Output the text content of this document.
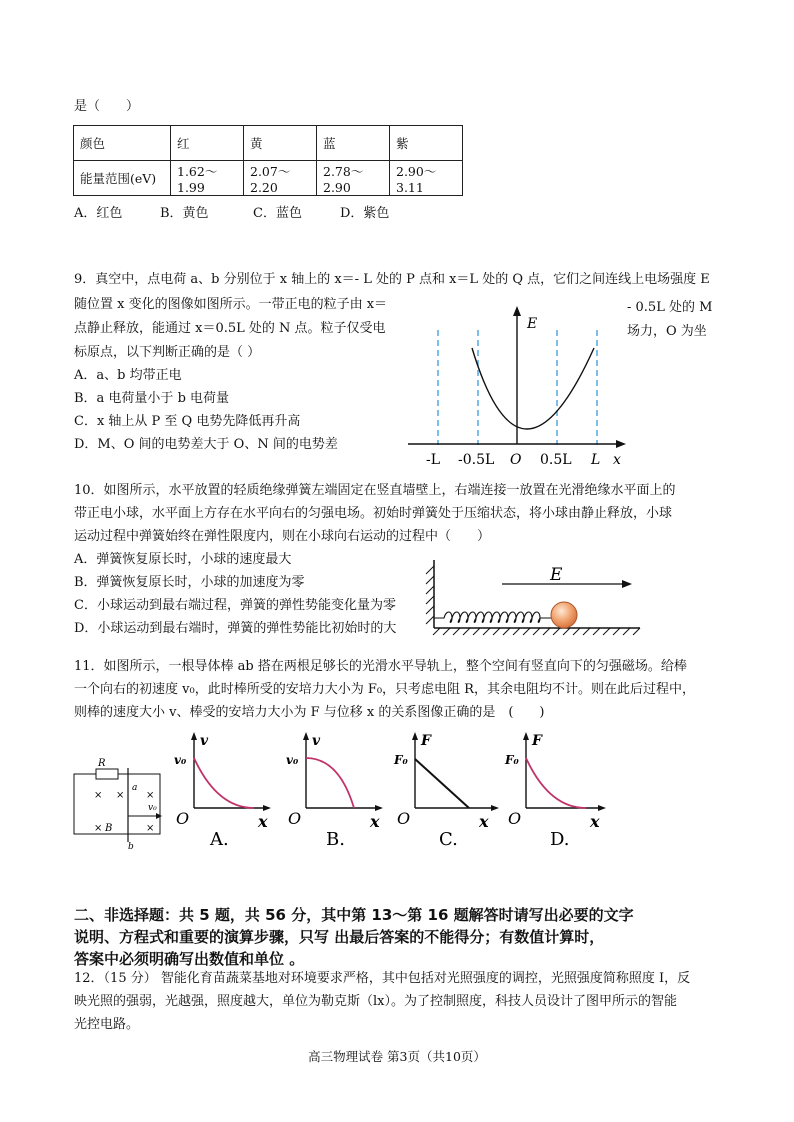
是（　　）
颜色	红	黄	蓝	紫
能量范围(eV)	1.62～1.99	2.07～2.20	2.78～2.90	2.90～3.11
A．红色	B．黄色	C．蓝色	D．紫色
9．真空中，点电荷 a、b 分别位于 x 轴上的 x＝- L 处的 P 点和 x＝L 处的 Q 点，它们之间连线上电场强度 E
随位置 x 变化的图像如图所示。一带正电的粒子由 x＝	- 0.5L 处的 M
点静止释放，能通过 x＝0.5L 处的 N 点。粒子仅受电	场力，O 为坐
标原点，以下判断正确的是（ ）
A．a、b 均带正电
B．a 电荷量小于 b 电荷量
C．x 轴上从 P 至 Q 电势先降低再升高
D．M、O 间的电势差大于 O、N 间的电势差
E
-L -0.5L O 0.5L L x
10．如图所示，水平放置的轻质绝缘弹簧左端固定在竖直墙壁上，右端连接一放置在光滑绝缘水平面上的
带正电小球，水平面上方存在水平向右的匀强电场。初始时弹簧处于压缩状态，将小球由静止释放，小球
运动过程中弹簧始终在弹性限度内，则在小球向右运动的过程中（　　）
A．弹簧恢复原长时，小球的速度最大
B．弹簧恢复原长时，小球的加速度为零
C．小球运动到最右端过程，弹簧的弹性势能变化量为零
D．小球运动到最右端时，弹簧的弹性势能比初始时的大
E
11．如图所示，一根导体棒 ab 搭在两根足够长的光滑水平导轨上，整个空间有竖直向下的匀强磁场。给棒
一个向右的初速度 v₀，此时棒所受的安培力大小为 F₀，只考虑电阻 R，其余电阻均不计。则在此后过程中，
则棒的速度大小 v、棒受的安培力大小为 F 与位移 x 的关系图像正确的是　(　　)
R
a
b
B
v₀
× × ×
×	×
v
v₀
O	x
A.
v
v₀
O	x
B.
F
F₀
O	x
C.
F
F₀
O	x
D.
二、非选择题：共 5 题，共 56 分，其中第 13～第 16 题解答时请写出必要的文字
说明、方程式和重要的演算步骤，只写 出最后答案的不能得分；有数值计算时，
答案中必须明确写出数值和单位 。
12．（15 分） 智能化育苗蔬菜基地对环境要求严格，其中包括对光照强度的调控，光照强度简称照度 I，反
映光照的强弱，光越强，照度越大，单位为勒克斯（lx）。为了控制照度，科技人员设计了图甲所示的智能
光控电路。
高三物理试卷 第3页（共10页）
